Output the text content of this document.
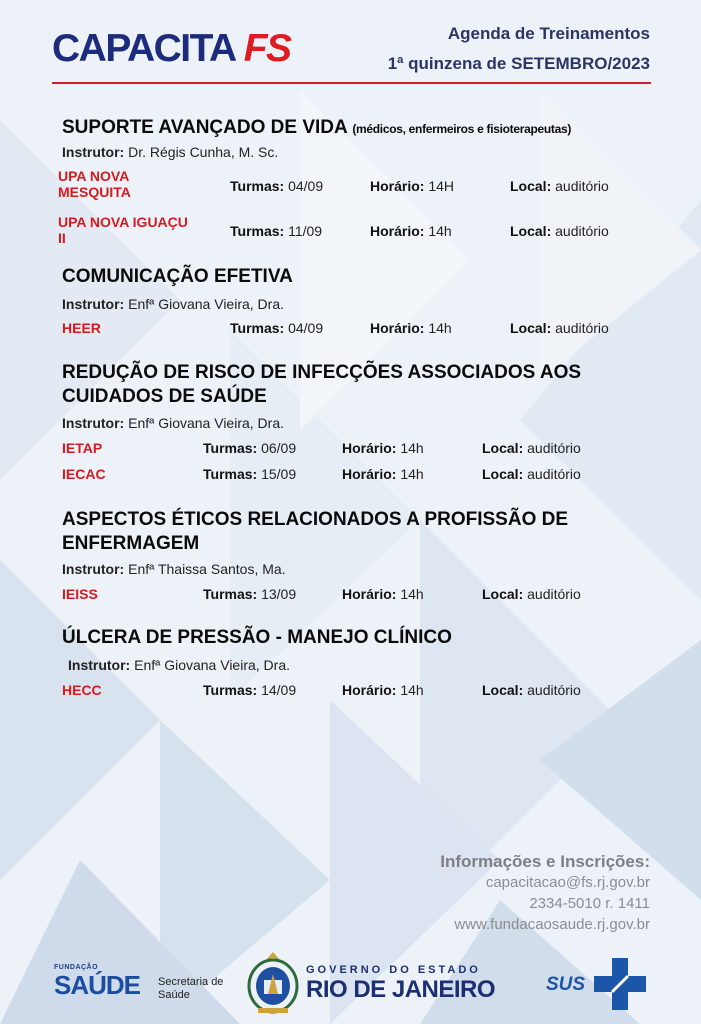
CAPACITA FS	Agenda de Treinamentos
1ª quinzena de SETEMBRO/2023
SUPORTE AVANÇADO DE VIDA (médicos, enfermeiros e fisioterapeutas)
Instrutor: Dr. Régis Cunha, M. Sc.
UPA NOVA MESQUITA	Turmas: 04/09	Horário: 14H	Local: auditório
UPA NOVA IGUAÇU II	Turmas: 11/09	Horário: 14h	Local: auditório
COMUNICAÇÃO EFETIVA
Instrutor: Enfª Giovana Vieira, Dra.
HEER	Turmas: 04/09	Horário: 14h	Local: auditório
REDUÇÃO DE RISCO DE INFECÇÕES ASSOCIADOS AOS CUIDADOS DE SAÚDE
Instrutor: Enfª Giovana Vieira, Dra.
IETAP	Turmas: 06/09	Horário: 14h	Local: auditório
IECAC	Turmas: 15/09	Horário: 14h	Local: auditório
ASPECTOS ÉTICOS RELACIONADOS A PROFISSÃO DE ENFERMAGEM
Instrutor: Enfª Thaissa Santos, Ma.
IEISS	Turmas: 13/09	Horário: 14h	Local: auditório
ÚLCERA DE PRESSÃO - MANEJO CLÍNICO
Instrutor: Enfª Giovana Vieira, Dra.
HECC	Turmas: 14/09	Horário: 14h	Local: auditório
Informações e Inscrições:
capacitacao@fs.rj.gov.br
2334-5010 r. 1411
www.fundacaosaude.rj.gov.br
FUNDAÇÃO
SAÚDE Secretaria de
Saúde
GOVERNO DO ESTADO
RIO DE JANEIRO	SUS
